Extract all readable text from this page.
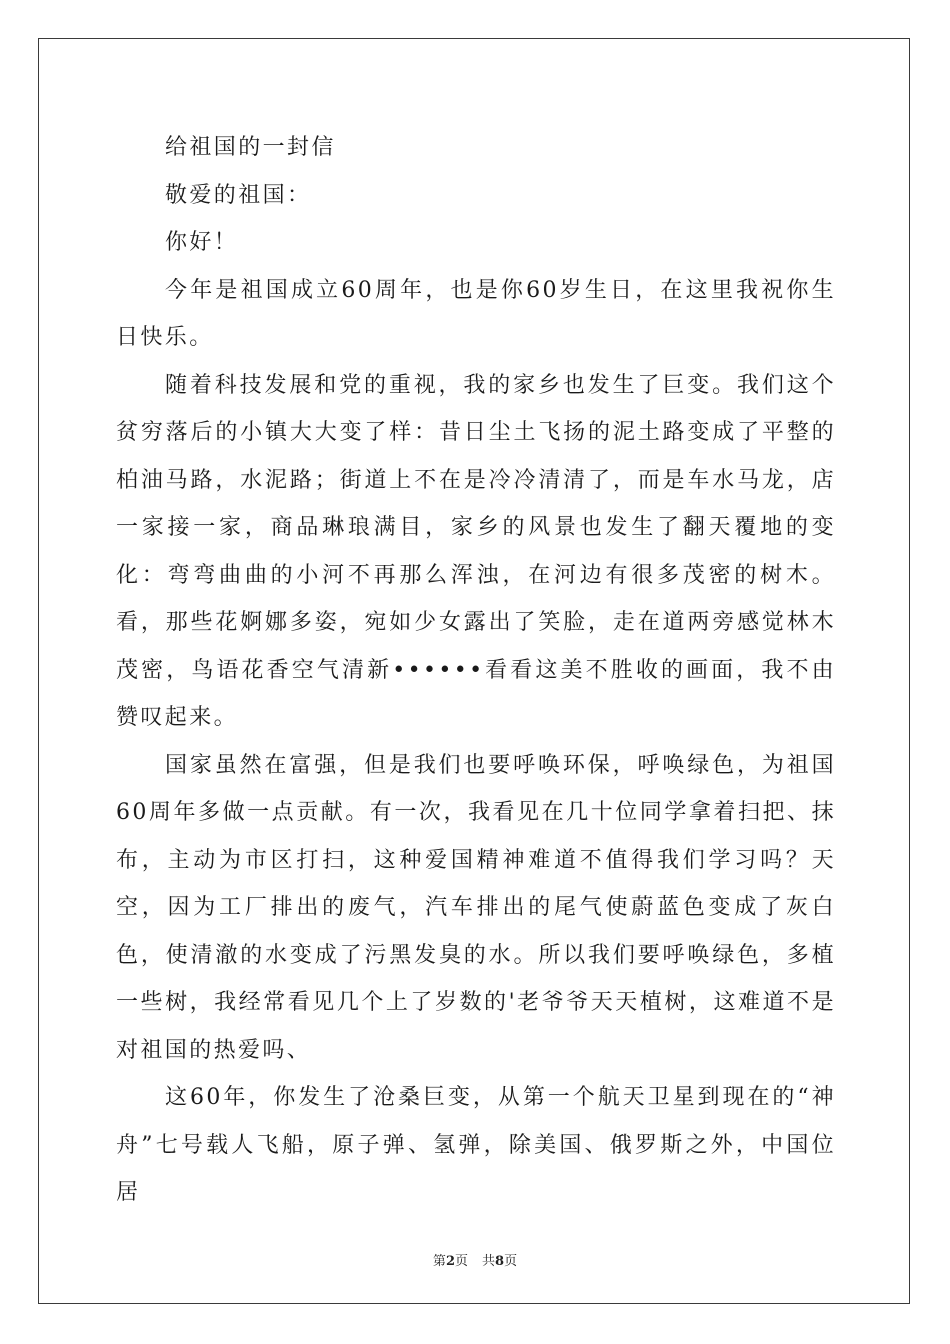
给祖国的一封信

敬爱的祖国：

你好！

今年是祖国成立60周年，也是你60岁生日，在这里我祝你生日快乐。

随着科技发展和党的重视，我的家乡也发生了巨变。我们这个贫穷落后的小镇大大变了样：昔日尘土飞扬的泥土路变成了平整的柏油马路，水泥路；街道上不在是冷冷清清了，而是车水马龙，店一家接一家，商品琳琅满目，家乡的风景也发生了翻天覆地的变化：弯弯曲曲的小河不再那么浑浊，在河边有很多茂密的树木。看，那些花婀娜多姿，宛如少女露出了笑脸，走在道两旁感觉林木茂密，鸟语花香空气清新••••••看看这美不胜收的画面，我不由赞叹起来。

国家虽然在富强，但是我们也要呼唤环保，呼唤绿色，为祖国60周年多做一点贡献。有一次，我看见在几十位同学拿着扫把、抹布，主动为市区打扫，这种爱国精神难道不值得我们学习吗？天空，因为工厂排出的废气，汽车排出的尾气使蔚蓝色变成了灰白色，使清澈的水变成了污黑发臭的水。所以我们要呼唤绿色，多植一些树，我经常看见几个上了岁数的'老爷爷天天植树，这难道不是对祖国的热爱吗、

这60年，你发生了沧桑巨变，从第一个航天卫星到现在的“神舟”七号载人飞船，原子弹、氢弹，除美国、俄罗斯之外，中国位居

第2页 共8页
